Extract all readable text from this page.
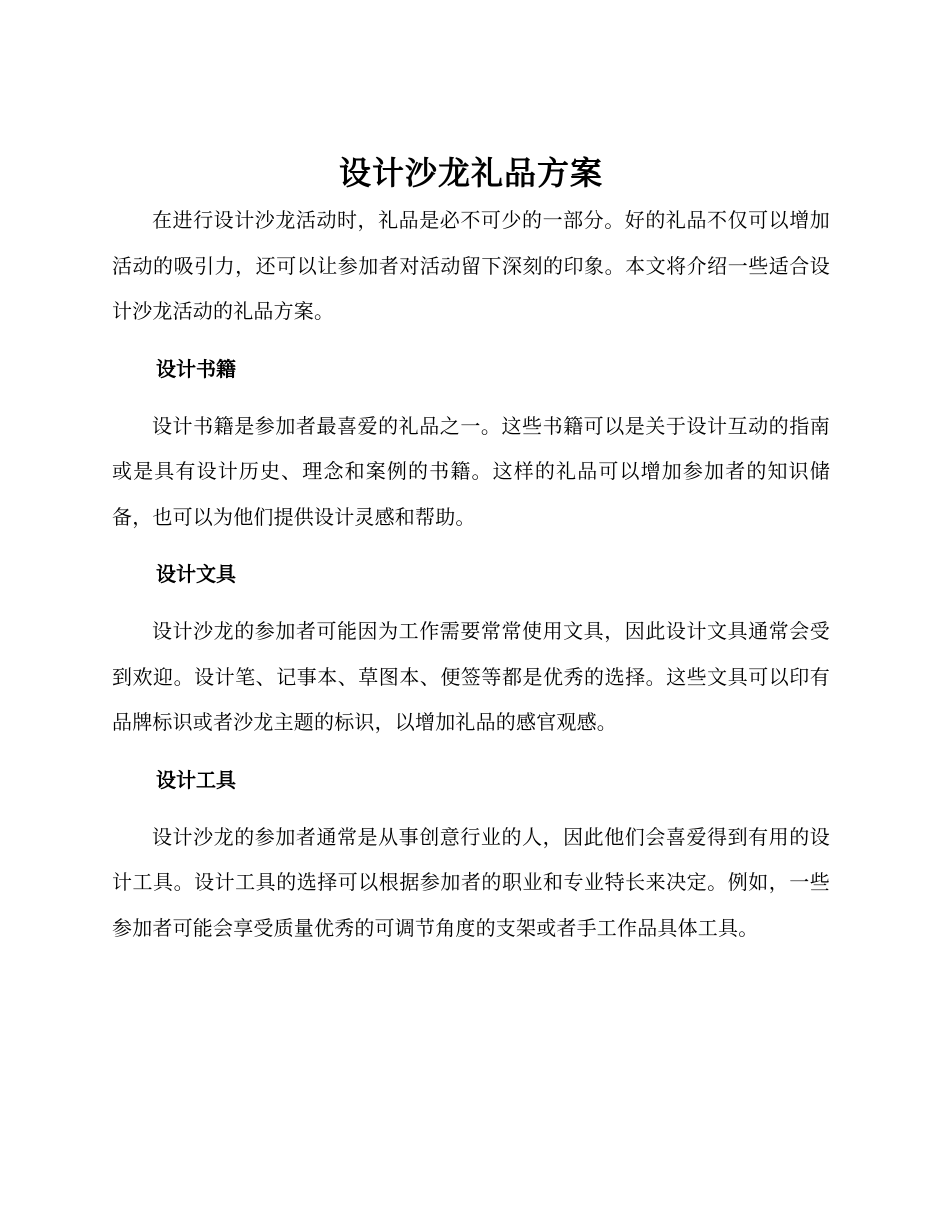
设计沙龙礼品方案

在进行设计沙龙活动时，礼品是必不可少的一部分。好的礼品不仅可以增加活动的吸引力，还可以让参加者对活动留下深刻的印象。本文将介绍一些适合设计沙龙活动的礼品方案。

设计书籍

设计书籍是参加者最喜爱的礼品之一。这些书籍可以是关于设计互动的指南或是具有设计历史、理念和案例的书籍。这样的礼品可以增加参加者的知识储备，也可以为他们提供设计灵感和帮助。

设计文具

设计沙龙的参加者可能因为工作需要常常使用文具，因此设计文具通常会受到欢迎。设计笔、记事本、草图本、便签等都是优秀的选择。这些文具可以印有品牌标识或者沙龙主题的标识，以增加礼品的感官观感。

设计工具

设计沙龙的参加者通常是从事创意行业的人，因此他们会喜爱得到有用的设计工具。设计工具的选择可以根据参加者的职业和专业特长来决定。例如，一些参加者可能会享受质量优秀的可调节角度的支架或者手工作品具体工具。
